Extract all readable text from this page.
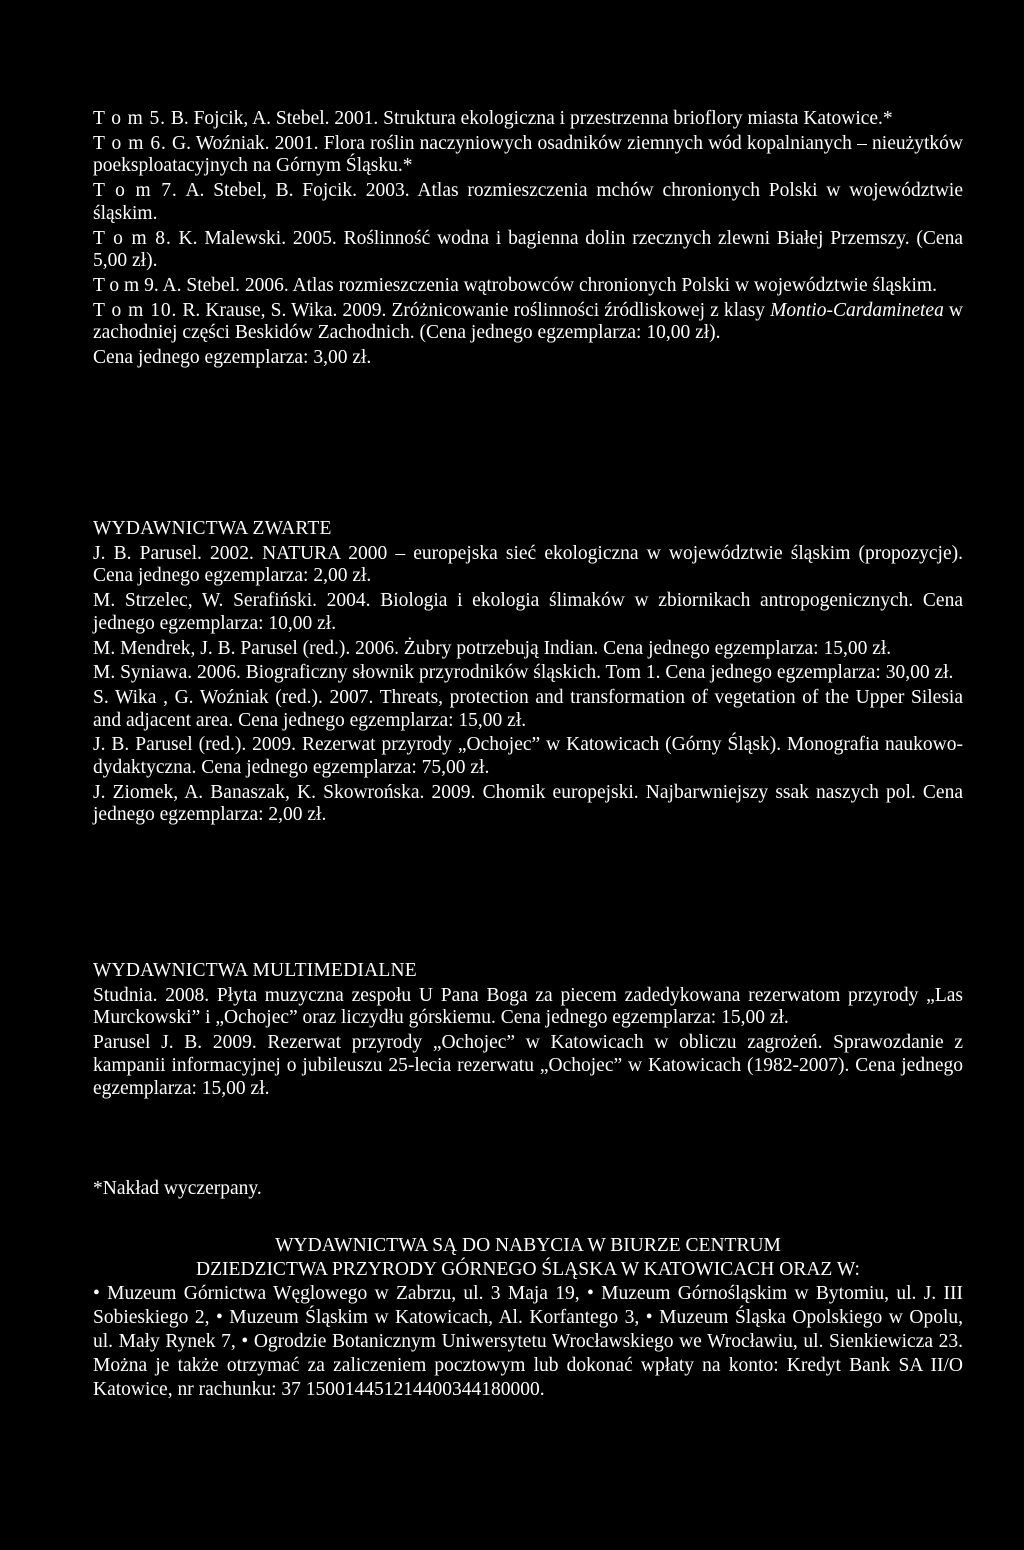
T o m 5. B. Fojcik, A. Stebel. 2001. Struktura ekologiczna i przestrzenna brioflory miasta Katowice.*
T o m 6. G. Woźniak. 2001. Flora roślin naczyniowych osadników ziemnych wód kopalnianych – nieużytków poeksploatacyjnych na Górnym Śląsku.*
T o m 7. A. Stebel, B. Fojcik. 2003. Atlas rozmieszczenia mchów chronionych Polski w województwie śląskim.
T o m 8. K. Malewski. 2005. Roślinność wodna i bagienna dolin rzecznych zlewni Białej Przemszy. (Cena 5,00 zł).
T o m 9. A. Stebel. 2006. Atlas rozmieszczenia wątrobowców chronionych Polski w województwie śląskim.
T o m 10. R. Krause, S. Wika. 2009. Zróżnicowanie roślinności źródliskowej z klasy Montio-Cardaminetea w zachodniej części Beskidów Zachodnich. (Cena jednego egzemplarza: 10,00 zł).
Cena jednego egzemplarza: 3,00 zł.
WYDAWNICTWA ZWARTE
J. B. Parusel. 2002. NATURA 2000 – europejska sieć ekologiczna w województwie śląskim (propozycje). Cena jednego egzemplarza: 2,00 zł.
M. Strzelec, W. Serafiński. 2004. Biologia i ekologia ślimaków w zbiornikach antropogenicznych. Cena jednego egzemplarza: 10,00 zł.
M. Mendrek, J. B. Parusel (red.). 2006. Żubry potrzebują Indian. Cena jednego egzemplarza: 15,00 zł.
M. Syniawa. 2006. Biograficzny słownik przyrodników śląskich. Tom 1. Cena jednego egzemplarza: 30,00 zł.
S. Wika , G. Woźniak (red.). 2007. Threats, protection and transformation of vegetation of the Upper Silesia and adjacent area. Cena jednego egzemplarza: 15,00 zł.
J. B. Parusel (red.). 2009. Rezerwat przyrody „Ochojec” w Katowicach (Górny Śląsk). Monografia naukowo-dydaktyczna. Cena jednego egzemplarza: 75,00 zł.
J. Ziomek, A. Banaszak, K. Skowrońska. 2009. Chomik europejski. Najbarwniejszy ssak naszych pol. Cena jednego egzemplarza: 2,00 zł.
WYDAWNICTWA MULTIMEDIALNE
Studnia. 2008. Płyta muzyczna zespołu U Pana Boga za piecem zadedykowana rezerwatom przyrody „Las Murckowski” i „Ochojec” oraz liczydłu górskiemu. Cena jednego egzemplarza: 15,00 zł.
Parusel J. B. 2009. Rezerwat przyrody „Ochojec” w Katowicach w obliczu zagrożeń. Sprawozdanie z kampanii informacyjnej o jubileuszu 25-lecia rezerwatu „Ochojec” w Katowicach (1982-2007). Cena jednego egzemplarza: 15,00 zł.
*Nakład wyczerpany.
WYDAWNICTWA SĄ DO NABYCIA W BIURZE CENTRUM
DZIEDZICTWA PRZYRODY GÓRNEGO ŚLĄSKA W KATOWICACH ORAZ W:
• Muzeum Górnictwa Węglowego w Zabrzu, ul. 3 Maja 19, • Muzeum Górnośląskim w Bytomiu, ul. J. III Sobieskiego 2, • Muzeum Śląskim w Katowicach, Al. Korfantego 3, • Muzeum Śląska Opolskiego w Opolu, ul. Mały Rynek 7, • Ogrodzie Botanicznym Uniwersytetu Wrocławskiego we Wrocławiu, ul. Sienkiewicza 23. Można je także otrzymać za zaliczeniem pocztowym lub dokonać wpłaty na konto: Kredyt Bank SA II/O Katowice, nr rachunku: 37 150014451214400344180000.
